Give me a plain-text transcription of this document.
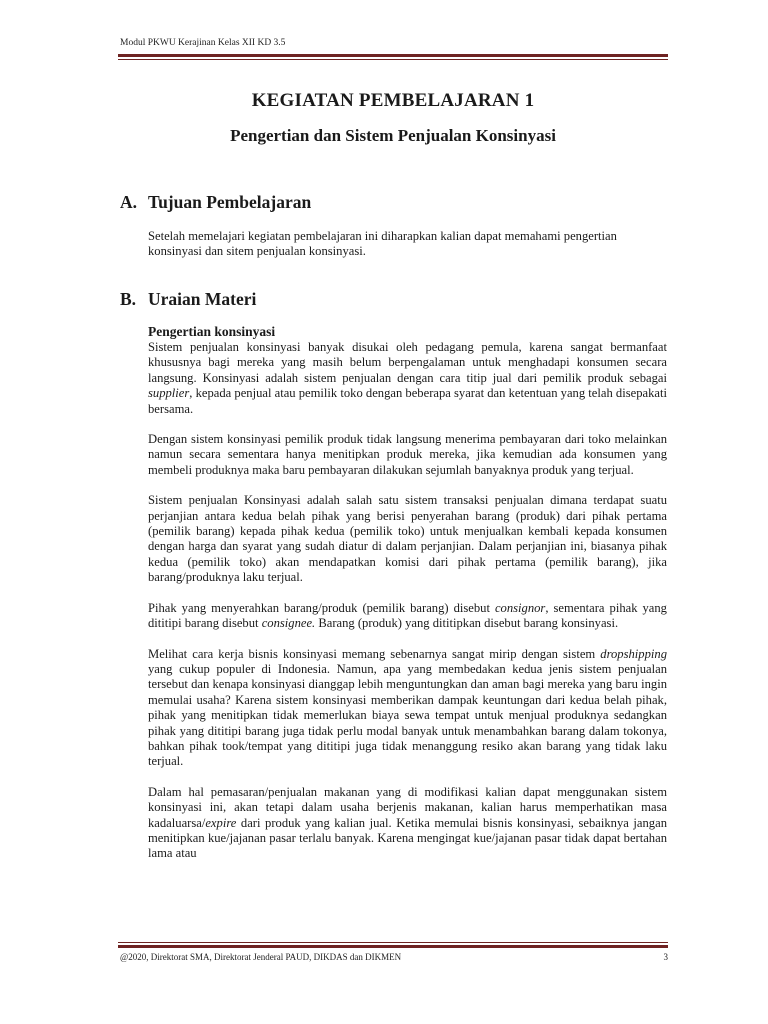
Modul PKWU Kerajinan Kelas XII KD 3.5
KEGIATAN PEMBELAJARAN 1
Pengertian dan Sistem Penjualan Konsinyasi
A. Tujuan Pembelajaran

Setelah memelajari kegiatan pembelajaran ini diharapkan kalian dapat memahami pengertian konsinyasi dan sitem penjualan konsinyasi.

B. Uraian Materi
Pengertian konsinyasi

Sistem penjualan konsinyasi banyak disukai oleh pedagang pemula, karena sangat bermanfaat khususnya bagi mereka yang masih belum berpengalaman untuk menghadapi konsumen secara langsung. Konsinyasi adalah sistem penjualan dengan cara titip jual dari pemilik produk sebagai supplier, kepada penjual atau pemilik toko dengan beberapa syarat dan ketentuan yang telah disepakati bersama.

Dengan sistem konsinyasi pemilik produk tidak langsung menerima pembayaran dari toko melainkan namun secara sementara hanya menitipkan produk mereka, jika kemudian ada konsumen yang membeli produknya maka baru pembayaran dilakukan sejumlah banyaknya produk yang terjual.

Sistem penjualan Konsinyasi adalah salah satu sistem transaksi penjualan dimana terdapat suatu perjanjian antara kedua belah pihak yang berisi penyerahan barang (produk) dari pihak pertama (pemilik barang) kepada pihak kedua (pemilik toko) untuk menjualkan kembali kepada konsumen dengan harga dan syarat yang sudah diatur di dalam perjanjian. Dalam perjanjian ini, biasanya pihak kedua (pemilik toko) akan mendapatkan komisi dari pihak pertama (pemilik barang), jika barang/produknya laku terjual.

Pihak yang menyerahkan barang/produk (pemilik barang) disebut consignor, sementara pihak yang dititipi barang disebut consignee. Barang (produk) yang dititipkan disebut barang konsinyasi.

Melihat cara kerja bisnis konsinyasi memang sebenarnya sangat mirip dengan sistem dropshipping yang cukup populer di Indonesia. Namun, apa yang membedakan kedua jenis sistem penjualan tersebut dan kenapa konsinyasi dianggap lebih menguntungkan dan aman bagi mereka yang baru ingin memulai usaha? Karena sistem konsinyasi memberikan dampak keuntungan dari kedua belah pihak, pihak yang menitipkan tidak memerlukan biaya sewa tempat untuk menjual produknya sedangkan pihak yang dititipi barang juga tidak perlu modal banyak untuk menambahkan barang dalam tokonya, bahkan pihak took/tempat yang dititipi juga tidak menanggung resiko akan barang yang tidak laku terjual.

Dalam hal pemasaran/penjualan makanan yang di modifikasi kalian dapat menggunakan sistem konsinyasi ini, akan tetapi dalam usaha berjenis makanan, kalian harus memperhatikan masa kadaluarsa/expire dari produk yang kalian jual. Ketika memulai bisnis konsinyasi, sebaiknya jangan menitipkan kue/jajanan pasar terlalu banyak. Karena mengingat kue/jajanan pasar tidak dapat bertahan lama atau

@2020, Direktorat SMA, Direktorat Jenderal PAUD, DIKDAS dan DIKMEN	3
